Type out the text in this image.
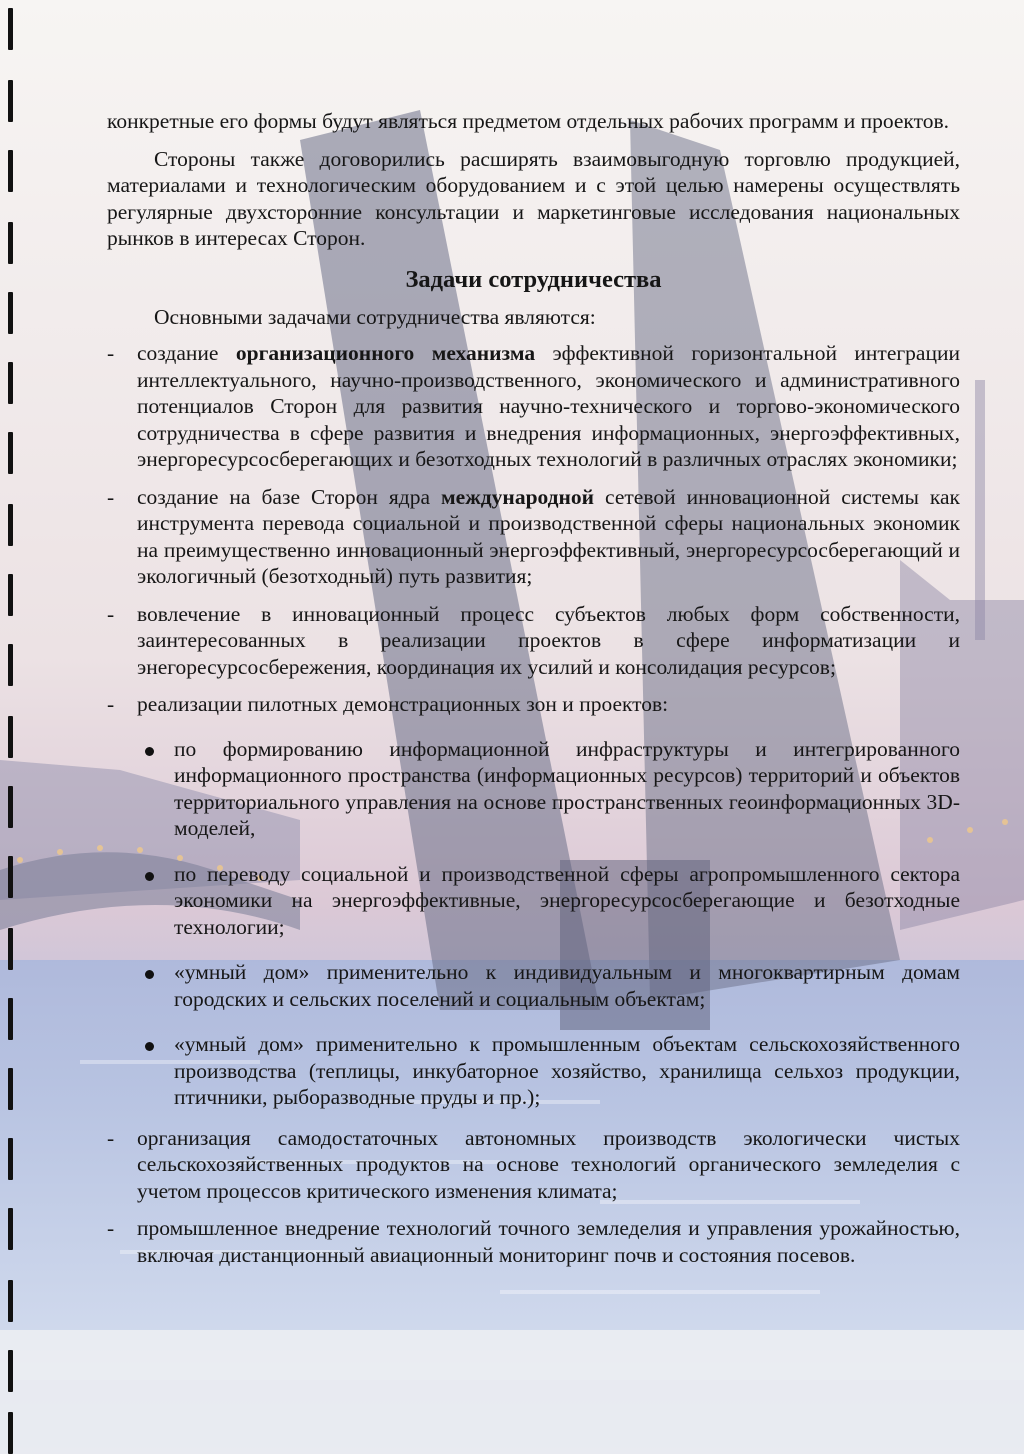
конкретные его формы будут являться предметом отдельных рабочих программ и проектов.

Стороны также договорились расширять взаимовыгодную торговлю продукцией, материалами и технологическим оборудованием и с этой целью намерены осуществлять регулярные двухсторонние консультации и маркетинговые исследования национальных рынков в интересах Сторон.

Задачи сотрудничества

Основными задачами сотрудничества являются:

-	создание организационного механизма эффективной горизонтальной интеграции интеллектуального, научно-производственного, экономического и административного потенциалов Сторон для развития научно-технического и торгово-экономического сотрудничества в сфере развития и внедрения информационных, энергоэффективных, энергоресурсосберегающих и безотходных технологий в различных отраслях экономики;
-	создание на базе Сторон ядра международной сетевой инновационной системы как инструмента перевода социальной и производственной сферы национальных экономик на преимущественно инновационный энергоэффективный, энергоресурсосберегающий и экологичный (безотходный) путь развития;
-	вовлечение в инновационный процесс субъектов любых форм собственности, заинтересованных в реализации проектов в сфере информатизации и энегоресурсосбережения, координация их усилий и консолидация ресурсов;
-	реализации пилотных демонстрационных зон и проектов:
по формированию информационной инфраструктуры и интегрированного информационного пространства (информационных ресурсов) территорий и объектов территориального управления на основе пространственных геоинформационных 3D-моделей,
по переводу социальной и производственной сферы агропромышленного сектора экономики на энергоэффективные, энергоресурсосберегающие и безотходные технологии;
«умный дом» применительно к индивидуальным и многоквартирным домам городских и сельских поселений и социальным объектам;
«умный дом» применительно к промышленным объектам сельскохозяйственного производства (теплицы, инкубаторное хозяйство, хранилища сельхоз продукции, птичники, рыборазводные пруды и пр.);
-	организация самодостаточных автономных производств экологически чистых сельскохозяйственных продуктов на основе технологий органического земледелия с учетом процессов критического изменения климата;
-	промышленное внедрение технологий точного земледелия и управления урожайностью, включая дистанционный авиационный мониторинг почв и состояния посевов.
